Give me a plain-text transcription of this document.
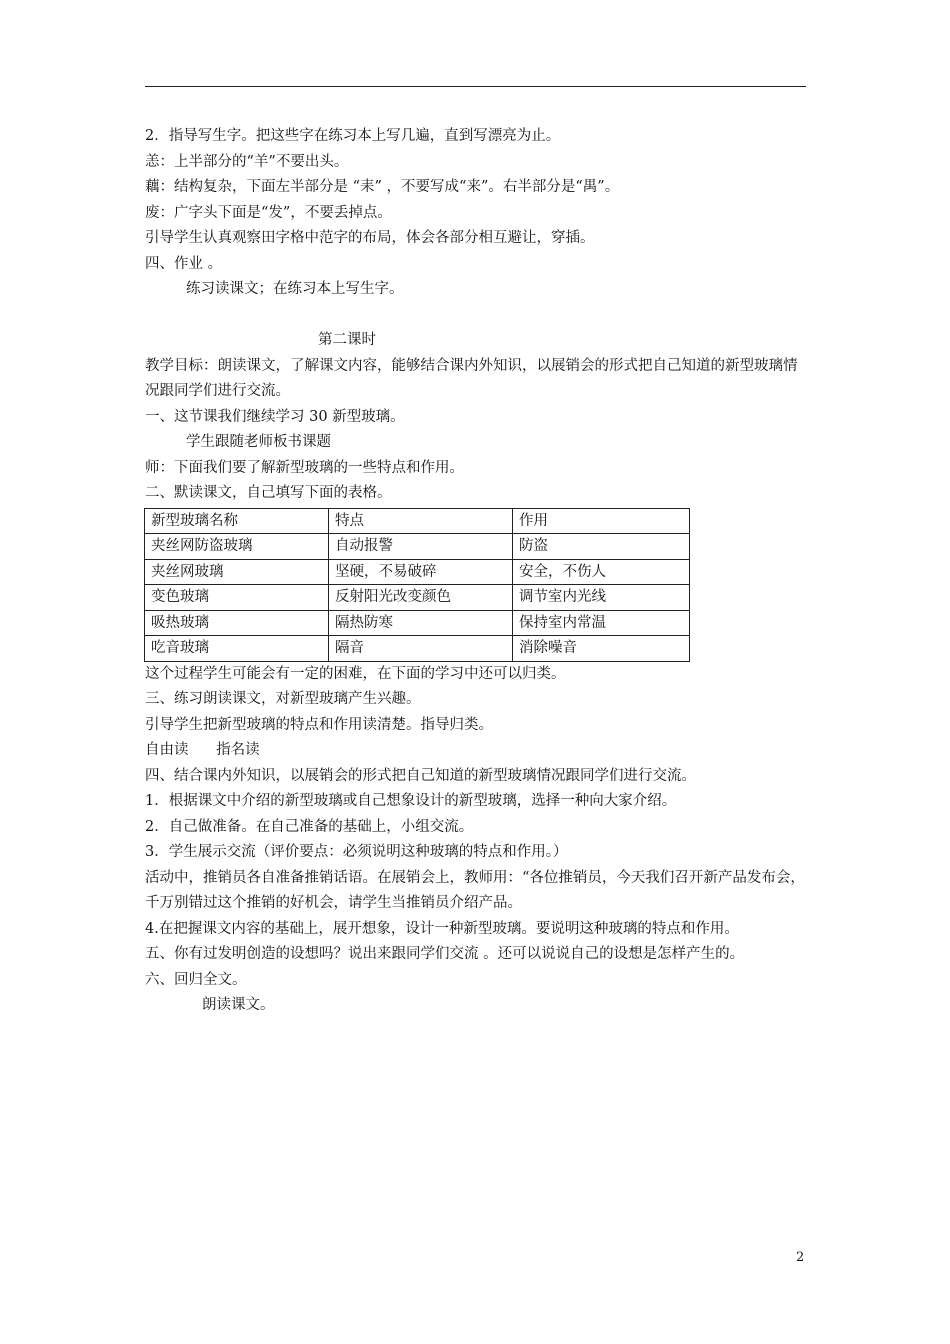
2．指导写生字。把这些字在练习本上写几遍，直到写漂亮为止。
恙：上半部分的“羊”不要出头。
藕：结构复杂，下面左半部分是 “耒” ，不要写成“来”。右半部分是“禺”。
废：广字头下面是“发”，不要丢掉点。
引导学生认真观察田字格中范字的布局，体会各部分相互避让，穿插。
四、作业 。
练习读课文；在练习本上写生字。
第二课时
教学目标：朗读课文，了解课文内容，能够结合课内外知识，以展销会的形式把自己知道的新型玻璃情况跟同学们进行交流。
一、这节课我们继续学习 30 新型玻璃。
学生跟随老师板书课题
师：下面我们要了解新型玻璃的一些特点和作用。
二、默读课文，自己填写下面的表格。
新型玻璃名称	特点	作用
夹丝网防盗玻璃	自动报警	防盗
夹丝网玻璃	坚硬，不易破碎	安全，不伤人
变色玻璃	反射阳光改变颜色	调节室内光线
吸热玻璃	隔热防寒	保持室内常温
吃音玻璃	隔音	消除噪音
这个过程学生可能会有一定的困难，在下面的学习中还可以归类。
三、练习朗读课文，对新型玻璃产生兴趣。
引导学生把新型玻璃的特点和作用读清楚。指导归类。
自由读      指名读
四、结合课内外知识，以展销会的形式把自己知道的新型玻璃情况跟同学们进行交流。
1．根据课文中介绍的新型玻璃或自己想象设计的新型玻璃，选择一种向大家介绍。
2．自己做准备。在自己准备的基础上，小组交流。
3．学生展示交流（评价要点：必须说明这种玻璃的特点和作用。）
活动中，推销员各自准备推销话语。在展销会上，教师用：“各位推销员，今天我们召开新产品发布会，千万别错过这个推销的好机会，请学生当推销员介绍产品。
4.在把握课文内容的基础上，展开想象，设计一种新型玻璃。要说明这种玻璃的特点和作用。
五、你有过发明创造的设想吗？说出来跟同学们交流 。还可以说说自己的设想是怎样产生的。
六、回归全文。
朗读课文。
2
